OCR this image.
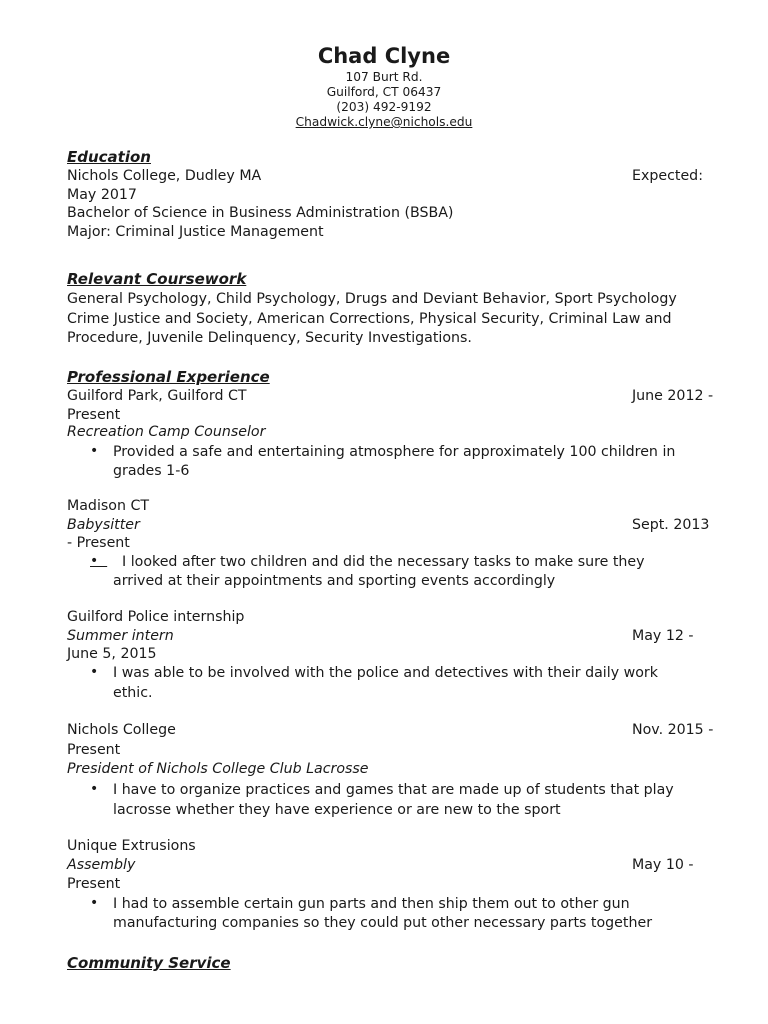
Chad Clyne
107 Burt Rd.
Guilford, CT 06437
(203) 492-9192
Chadwick.clyne@nichols.edu
Education
Nichols College, Dudley MA	Expected:
May 2017
Bachelor of Science in Business Administration (BSBA)
Major: Criminal Justice Management
Relevant Coursework
General Psychology, Child Psychology, Drugs and Deviant Behavior, Sport Psychology
Crime Justice and Society, American Corrections, Physical Security, Criminal Law and
Procedure, Juvenile Delinquency, Security Investigations.
Professional Experience
Guilford Park, Guilford CT	June 2012 -
Present
Recreation Camp Counselor
• Provided a safe and entertaining atmosphere for approximately 100 children in
grades 1-6
Madison CT
Babysitter	Sept. 2013
- Present
•	I looked after two children and did the necessary tasks to make sure they
arrived at their appointments and sporting events accordingly
Guilford Police internship
Summer intern	May 12 -
June 5, 2015
• I was able to be involved with the police and detectives with their daily work
ethic.
Nichols College	Nov. 2015 -
Present
President of Nichols College Club Lacrosse
• I have to organize practices and games that are made up of students that play
lacrosse whether they have experience or are new to the sport
Unique Extrusions
Assembly	May 10 -
Present
• I had to assemble certain gun parts and then ship them out to other gun
manufacturing companies so they could put other necessary parts together
Community Service
